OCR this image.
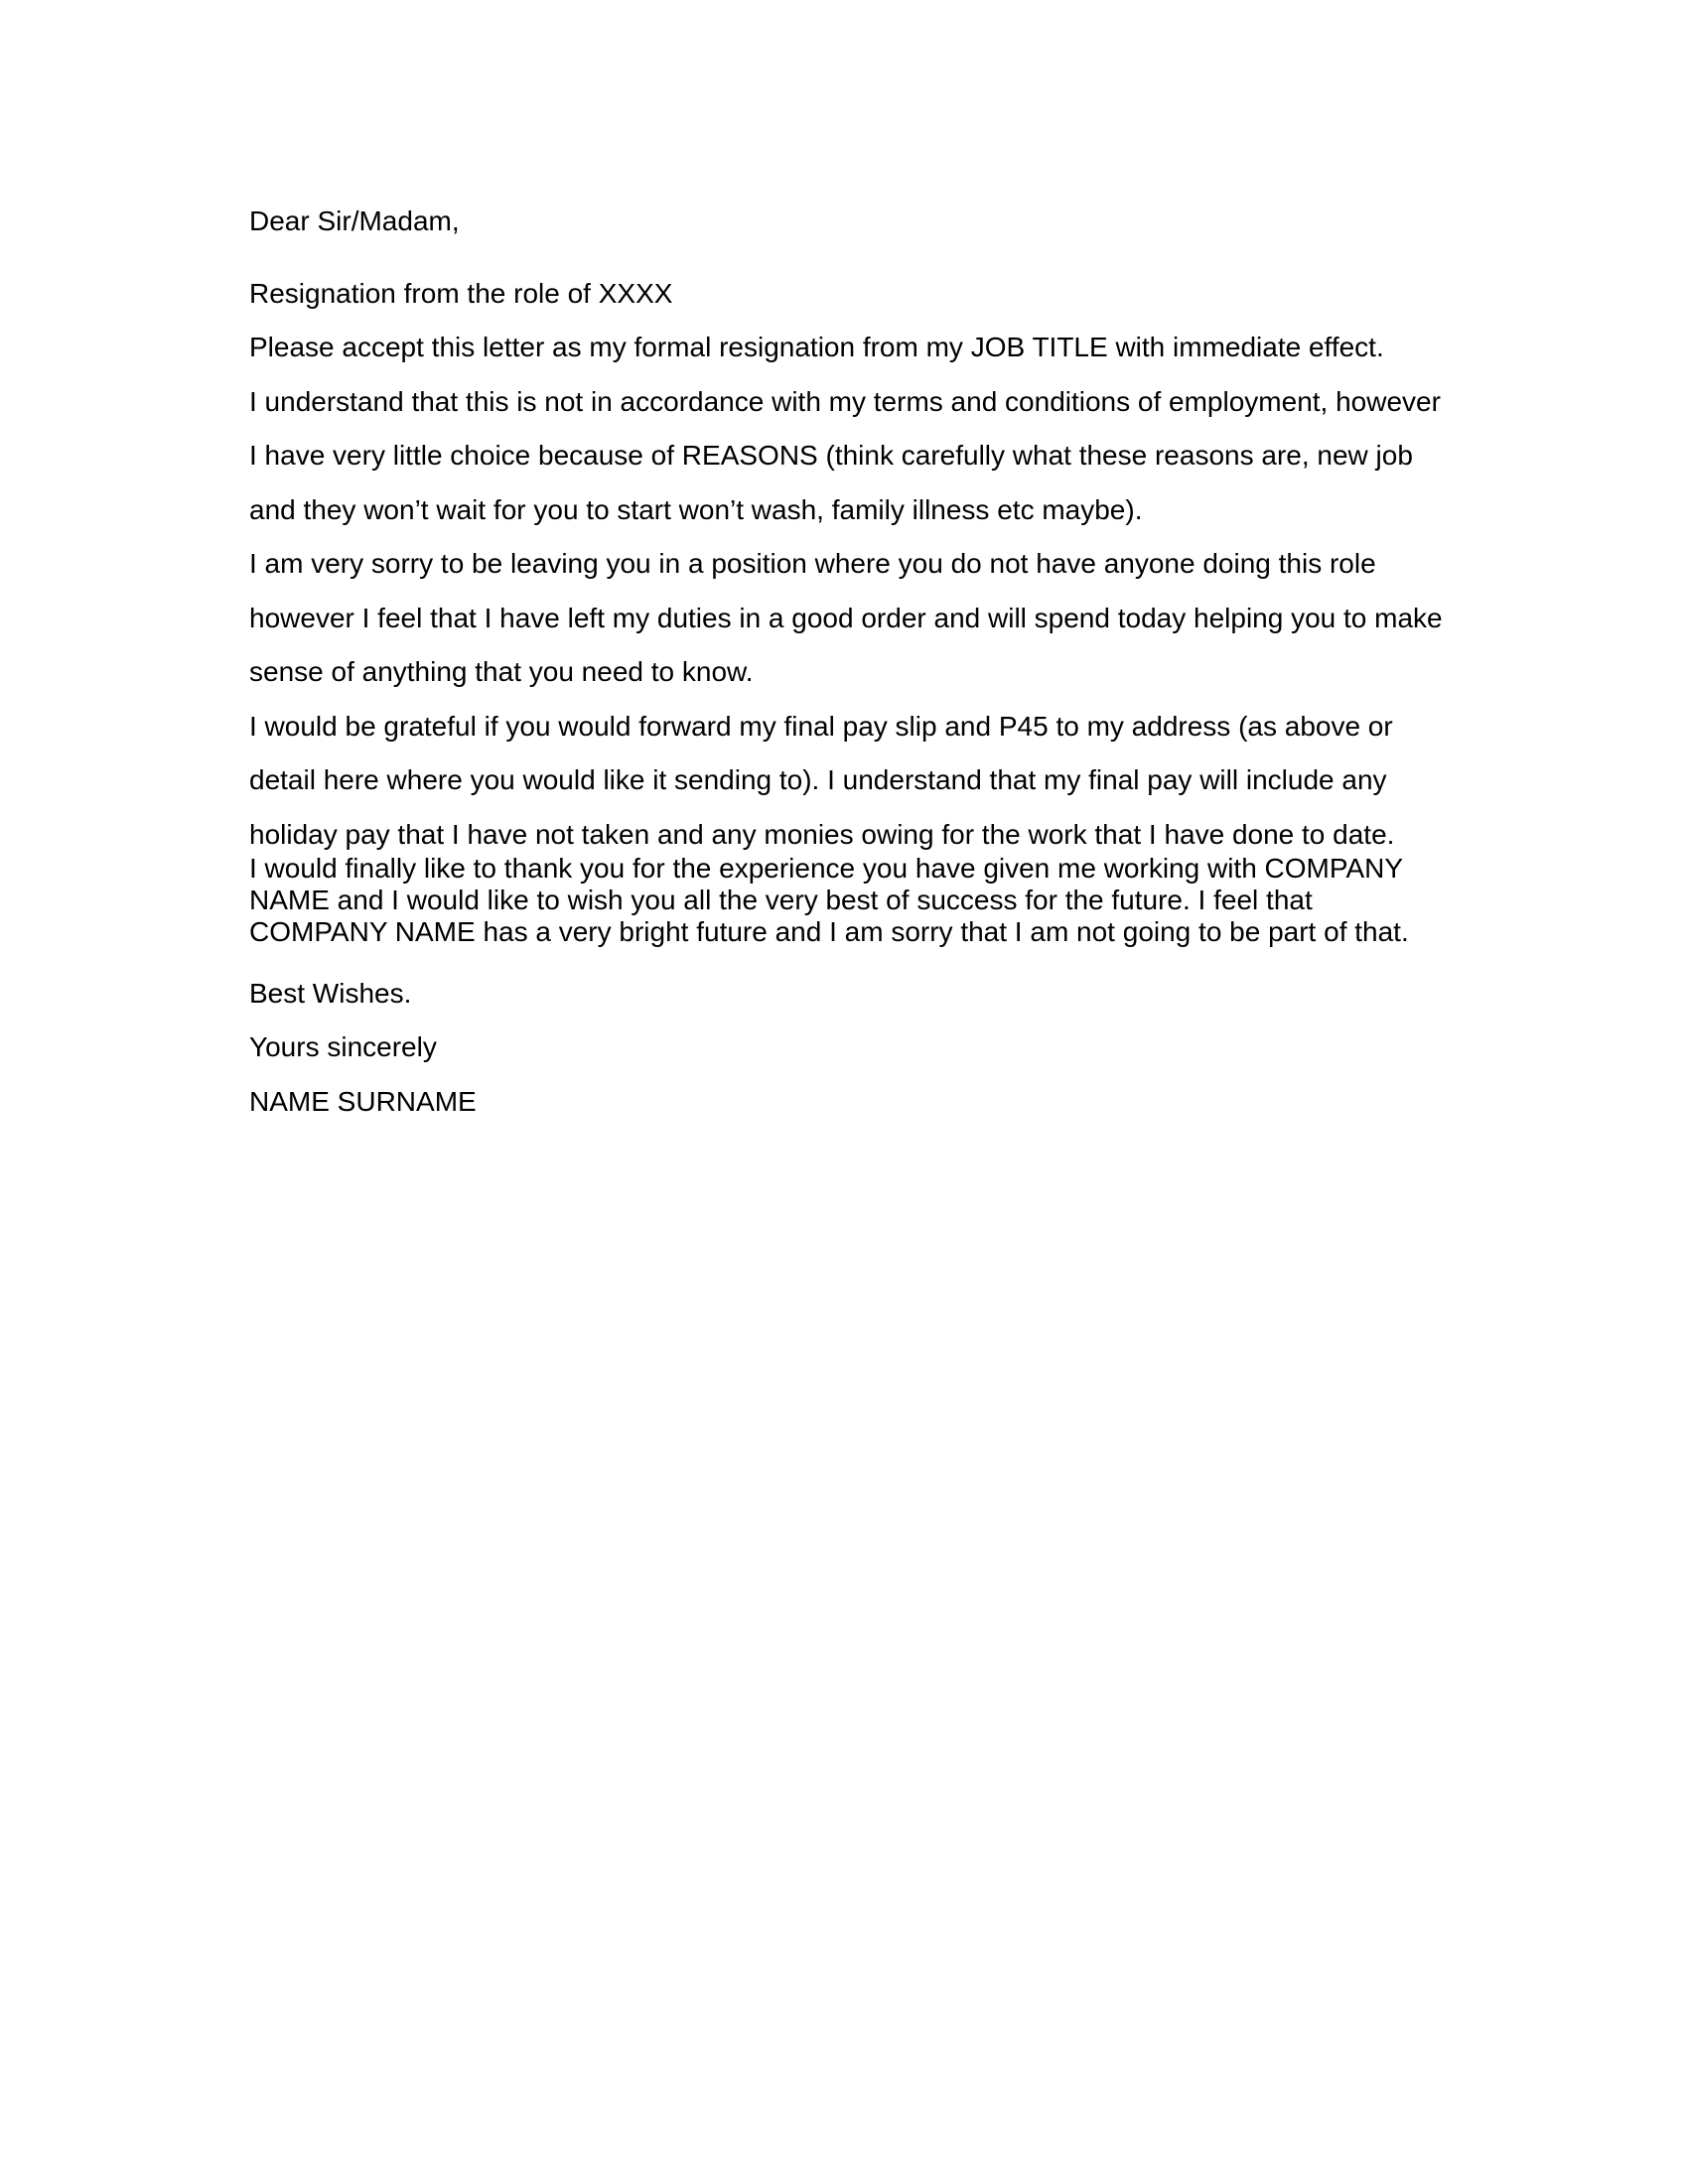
Dear Sir/Madam,
Resignation from the role of XXXX
Please accept this letter as my formal resignation from my JOB TITLE with immediate effect.
I understand that this is not in accordance with my terms and conditions of employment, however
I have very little choice because of REASONS (think carefully what these reasons are, new job
and they won’t wait for you to start won’t wash, family illness etc maybe).
I am very sorry to be leaving you in a position where you do not have anyone doing this role
however I feel that I have left my duties in a good order and will spend today helping you to make
sense of anything that you need to know.
I would be grateful if you would forward my final pay slip and P45 to my address (as above or
detail here where you would like it sending to). I understand that my final pay will include any
holiday pay that I have not taken and any monies owing for the work that I have done to date.
I would finally like to thank you for the experience you have given me working with COMPANY
NAME and I would like to wish you all the very best of success for the future. I feel that
COMPANY NAME has a very bright future and I am sorry that I am not going to be part of that.
Best Wishes.
Yours sincerely
NAME SURNAME
